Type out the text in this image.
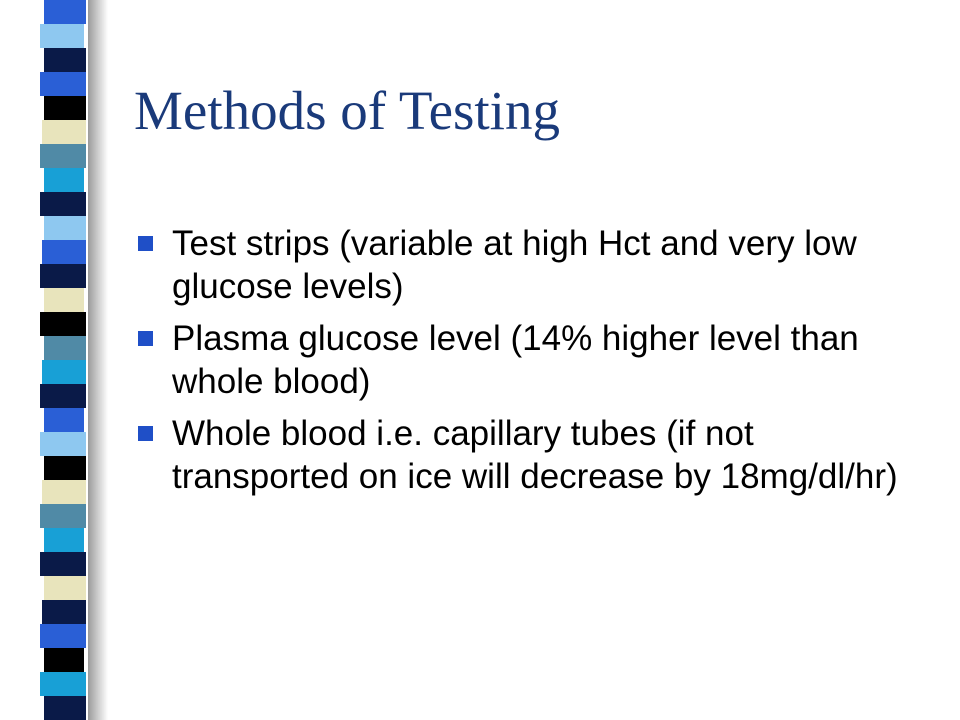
Methods of Testing
Test strips (variable at high Hct and very low glucose levels)
Plasma glucose level (14% higher level than whole blood)
Whole blood i.e. capillary tubes (if not transported on ice will decrease by 18mg/dl/hr)
